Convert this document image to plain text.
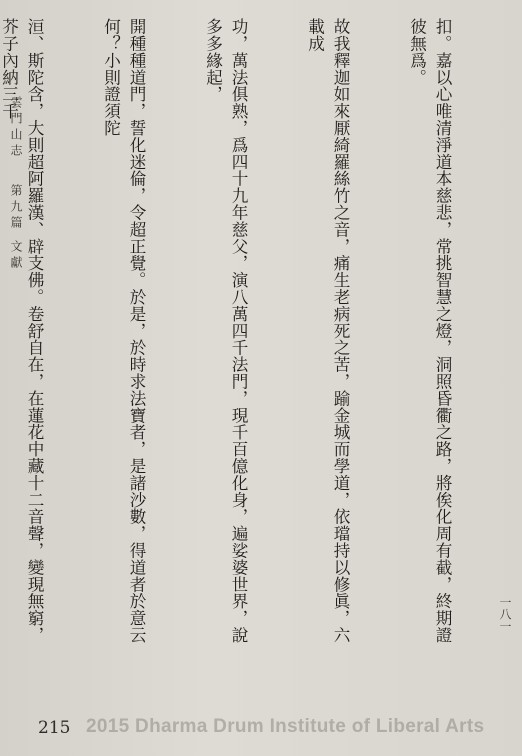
扣。嘉以心唯清淨道本慈悲，常挑智慧之燈，洞照昏衢之路，將俟化周有截，終期證彼無爲。

故我釋迦如來厭綺羅絲竹之音，痛生老病死之苦，踰金城而學道，依璫持以修眞，六載成

功，萬法俱熟，爲四十九年慈父，演八萬四千法門，現千百億化身，遍娑婆世界，說多多緣起，

開種種道門，誓化迷倫，令超正覺。於是，於時求法寶者，是諸沙數，得道者於意云何？小則證須陀

洹、斯陀含，大則超阿羅漢、辟支佛。卷舒自在，在蓮花中藏十二音聲，變現無窮，芥子內納三千

雲門山志第九篇 文獻
一八一
215 2015 Dharma Drum Institute of Liberal Arts
